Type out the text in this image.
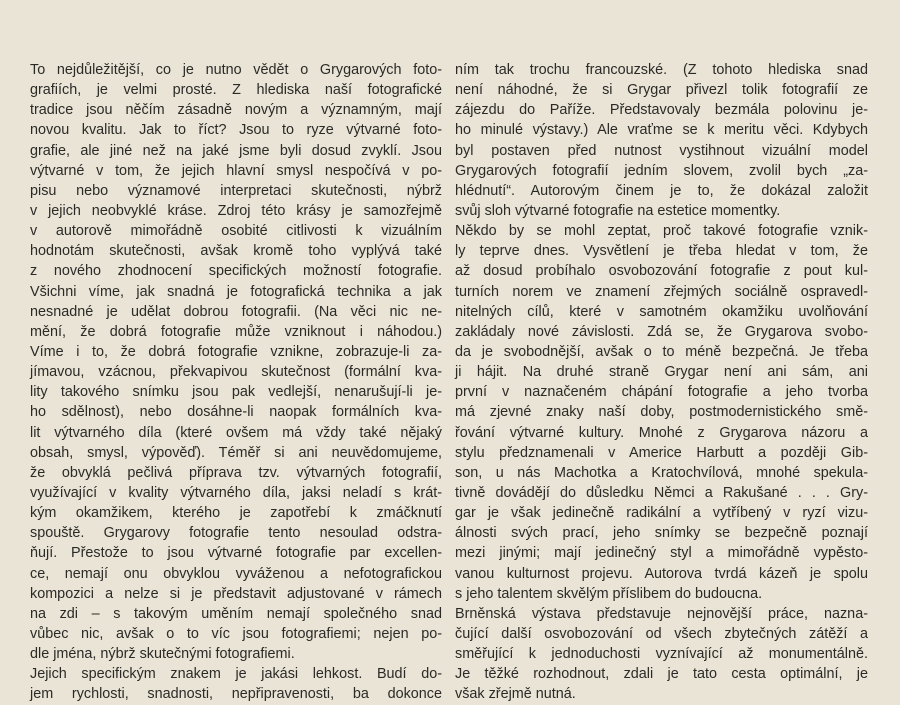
To nejdůležitější, co je nutno vědět o Grygarových foto-
grafiích, je velmi prosté. Z hlediska naší fotografické
tradice jsou něčím zásadně novým a významným, mají
novou kvalitu. Jak to říct? Jsou to ryze výtvarné foto-
grafie, ale jiné než na jaké jsme byli dosud zvyklí. Jsou
výtvarné v tom, že jejich hlavní smysl nespočívá v po-
pisu nebo významové interpretaci skutečnosti, nýbrž
v jejich neobvyklé kráse. Zdroj této krásy je samozřejmě
v autorově mimořádně osobité citlivosti k vizuálním
hodnotám skutečnosti, avšak kromě toho vyplývá také
z nového zhodnocení specifických možností fotografie.
Všichni víme, jak snadná je fotografická technika a jak
nesnadné je udělat dobrou fotografii. (Na věci nic ne-
mění, že dobrá fotografie může vzniknout i náhodou.)
Víme i to, že dobrá fotografie vznikne, zobrazuje-li za-
jímavou, vzácnou, překvapivou skutečnost (formální kva-
lity takového snímku jsou pak vedlejší, nenarušují-li je-
ho sdělnost), nebo dosáhne-li naopak formálních kva-
lit výtvarného díla (které ovšem má vždy také nějaký
obsah, smysl, výpověď). Téměř si ani neuvědomujeme,
že obvyklá pečlivá příprava tzv. výtvarných fotografií,
využívající v kvality výtvarného díla, jaksi neladí s krát-
kým okamžikem, kterého je zapotřebí k zmáčknutí
spouště. Grygarovy fotografie tento nesoulad odstra-
ňují. Přestože to jsou výtvarné fotografie par excellen-
ce, nemají onu obvyklou vyváženou a nefotografickou
kompozici a nelze si je představit adjustované v rámech
na zdi – s takovým uměním nemají společného snad
vůbec nic, avšak o to víc jsou fotografiemi; nejen po-
dle jména, nýbrž skutečnými fotografiemi.
Jejich specifickým znakem je jakási lehkost. Budí do-
jem rychlosti, snadnosti, nepřipravenosti, ba dokonce
ním tak trochu francouzské. (Z tohoto hlediska snad
není náhodné, že si Grygar přivezl tolik fotografií ze
zájezdu do Paříže. Představovaly bezmála polovinu je-
ho minulé výstavy.) Ale vraťme se k meritu věci. Kdybych
byl postaven před nutnost vystihnout vizuální model
Grygarových fotografií jedním slovem, zvolil bych „za-
hlédnutí“. Autorovým činem je to, že dokázal založit
svůj sloh výtvarné fotografie na estetice momentky.
Někdo by se mohl zeptat, proč takové fotografie vznik-
ly teprve dnes. Vysvětlení je třeba hledat v tom, že
až dosud probíhalo osvobozování fotografie z pout kul-
turních norem ve znamení zřejmých sociálně ospravedl-
nitelných cílů, které v samotném okamžiku uvolňování
zakládaly nové závislosti. Zdá se, že Grygarova svobo-
da je svobodnější, avšak o to méně bezpečná. Je třeba
ji hájit. Na druhé straně Grygar není ani sám, ani
první v naznačeném chápání fotografie a jeho tvorba
má zjevné znaky naší doby, postmodernistického smě-
řování výtvarné kultury. Mnohé z Grygarova názoru a
stylu předznamenali v Americe Harbutt a později Gib-
son, u nás Machotka a Kratochvílová, mnohé spekula-
tivně dovádějí do důsledku Němci a Rakušané . . . Gry-
gar je však jedinečně radikální a vytříbený v ryzí vizu-
álnosti svých prací, jeho snímky se bezpečně poznají
mezi jinými; mají jedinečný styl a mimořádně vypěsto-
vanou kulturnost projevu. Autorova tvrdá kázeň je spolu
s jeho talentem skvělým příslibem do budoucna.
Brněnská výstava představuje nejnovější práce, nazna-
čující další osvobozování od všech zbytečných zátěží a
směřující k jednoduchosti vyznívající až monumentálně.
Je těžké rozhodnout, zdali je tato cesta optimální, je
však zřejmě nutná.
